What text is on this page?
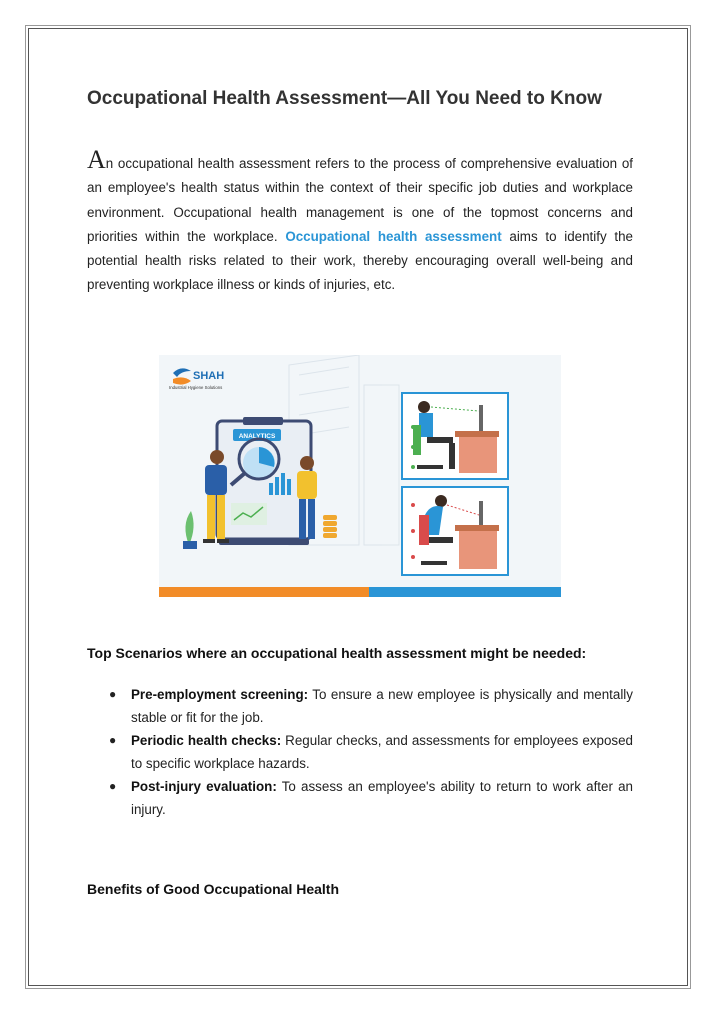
Occupational Health Assessment—All You Need to Know

An occupational health assessment refers to the process of comprehensive evaluation of an employee's health status within the context of their specific job duties and workplace environment. Occupational health management is one of the topmost concerns and priorities within the workplace. Occupational health assessment aims to identify the potential health risks related to their work, thereby encouraging overall well-being and preventing workplace illness or kinds of injuries, etc.

SHAH
Industrial Hygiene Solutions
ANALYTICS
Top Scenarios where an occupational health assessment might be needed:
● Pre-employment screening: To ensure a new employee is physically and mentally stable or fit for the job.
● Periodic health checks: Regular checks, and assessments for employees exposed to specific workplace hazards.
● Post-injury evaluation: To assess an employee's ability to return to work after an injury.
Benefits of Good Occupational Health
